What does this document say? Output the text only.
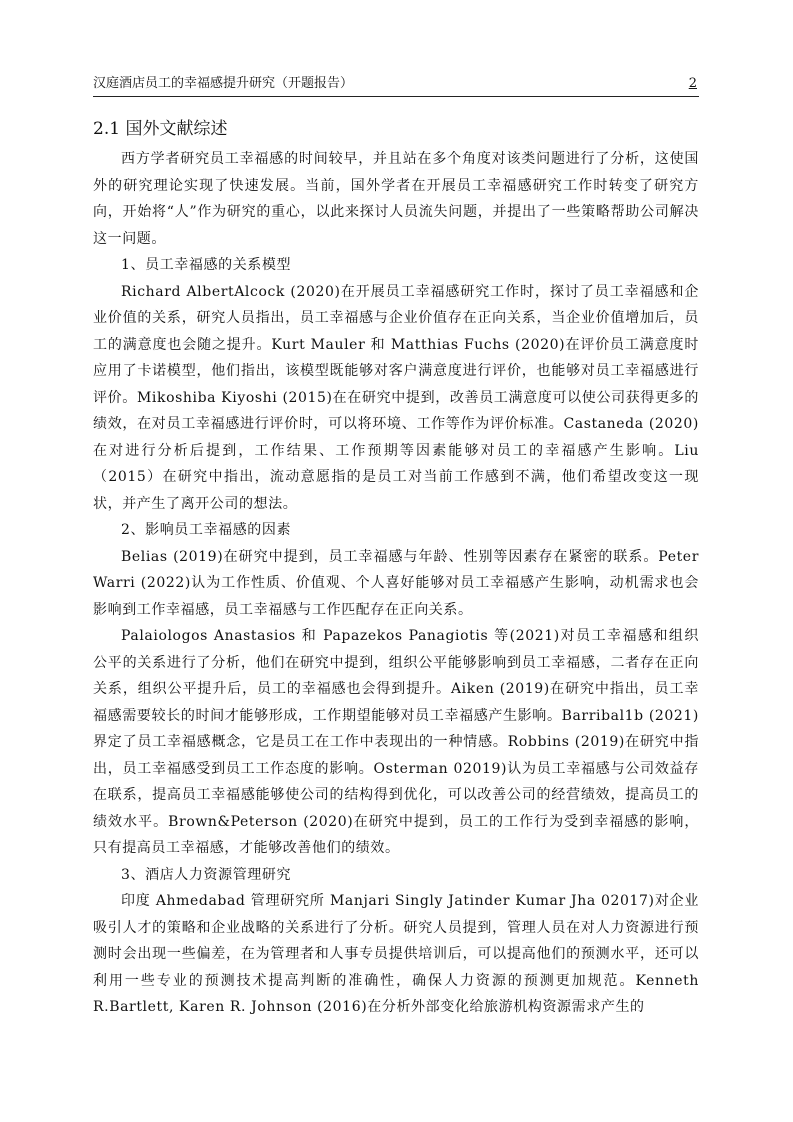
汉庭酒店员工的幸福感提升研究（开题报告）	2
2.1 国外文献综述

西方学者研究员工幸福感的时间较早，并且站在多个角度对该类问题进行了分析，这使国外的研究理论实现了快速发展。当前，国外学者在开展员工幸福感研究工作时转变了研究方向，开始将“人”作为研究的重心，以此来探讨人员流失问题，并提出了一些策略帮助公司解决这一问题。

1、员工幸福感的关系模型

Richard AlbertAlcock (2020)在开展员工幸福感研究工作时，探讨了员工幸福感和企业价值的关系，研究人员指出，员工幸福感与企业价值存在正向关系，当企业价值增加后，员工的满意度也会随之提升。Kurt Mauler 和 Matthias Fuchs (2020)在评价员工满意度时应用了卡诺模型，他们指出，该模型既能够对客户满意度进行评价，也能够对员工幸福感进行评价。Mikoshiba Kiyoshi (2015)在在研究中提到，改善员工满意度可以使公司获得更多的绩效，在对员工幸福感进行评价时，可以将环境、工作等作为评价标准。Castaneda (2020)在对进行分析后提到，工作结果、工作预期等因素能够对员工的幸福感产生影响。Liu （2015）在研究中指出，流动意愿指的是员工对当前工作感到不满，他们希望改变这一现状，并产生了离开公司的想法。

2、影响员工幸福感的因素

Belias (2019)在研究中提到，员工幸福感与年龄、性别等因素存在紧密的联系。Peter Warri (2022)认为工作性质、价值观、个人喜好能够对员工幸福感产生影响，动机需求也会影响到工作幸福感，员工幸福感与工作匹配存在正向关系。

Palaiologos Anastasios 和 Papazekos Panagiotis 等(2021)对员工幸福感和组织公平的关系进行了分析，他们在研究中提到，组织公平能够影响到员工幸福感，二者存在正向关系，组织公平提升后，员工的幸福感也会得到提升。Aiken (2019)在研究中指出，员工幸福感需要较长的时间才能够形成，工作期望能够对员工幸福感产生影响。Barribal1b (2021)界定了员工幸福感概念，它是员工在工作中表现出的一种情感。Robbins (2019)在研究中指出，员工幸福感受到员工工作态度的影响。Osterman 02019)认为员工幸福感与公司效益存在联系，提高员工幸福感能够使公司的结构得到优化，可以改善公司的经营绩效，提高员工的绩效水平。Brown&Peterson (2020)在研究中提到，员工的工作行为受到幸福感的影响，只有提高员工幸福感，才能够改善他们的绩效。

3、酒店人力资源管理研究

印度 Ahmedabad 管理研究所 Manjari Singly Jatinder Kumar Jha 02017)对企业吸引人才的策略和企业战略的关系进行了分析。研究人员提到，管理人员在对人力资源进行预测时会出现一些偏差，在为管理者和人事专员提供培训后，可以提高他们的预测水平，还可以利用一些专业的预测技术提高判断的准确性，确保人力资源的预测更加规范。Kenneth R.Bartlett, Karen R. Johnson (2016)在分析外部变化给旅游机构资源需求产生的
